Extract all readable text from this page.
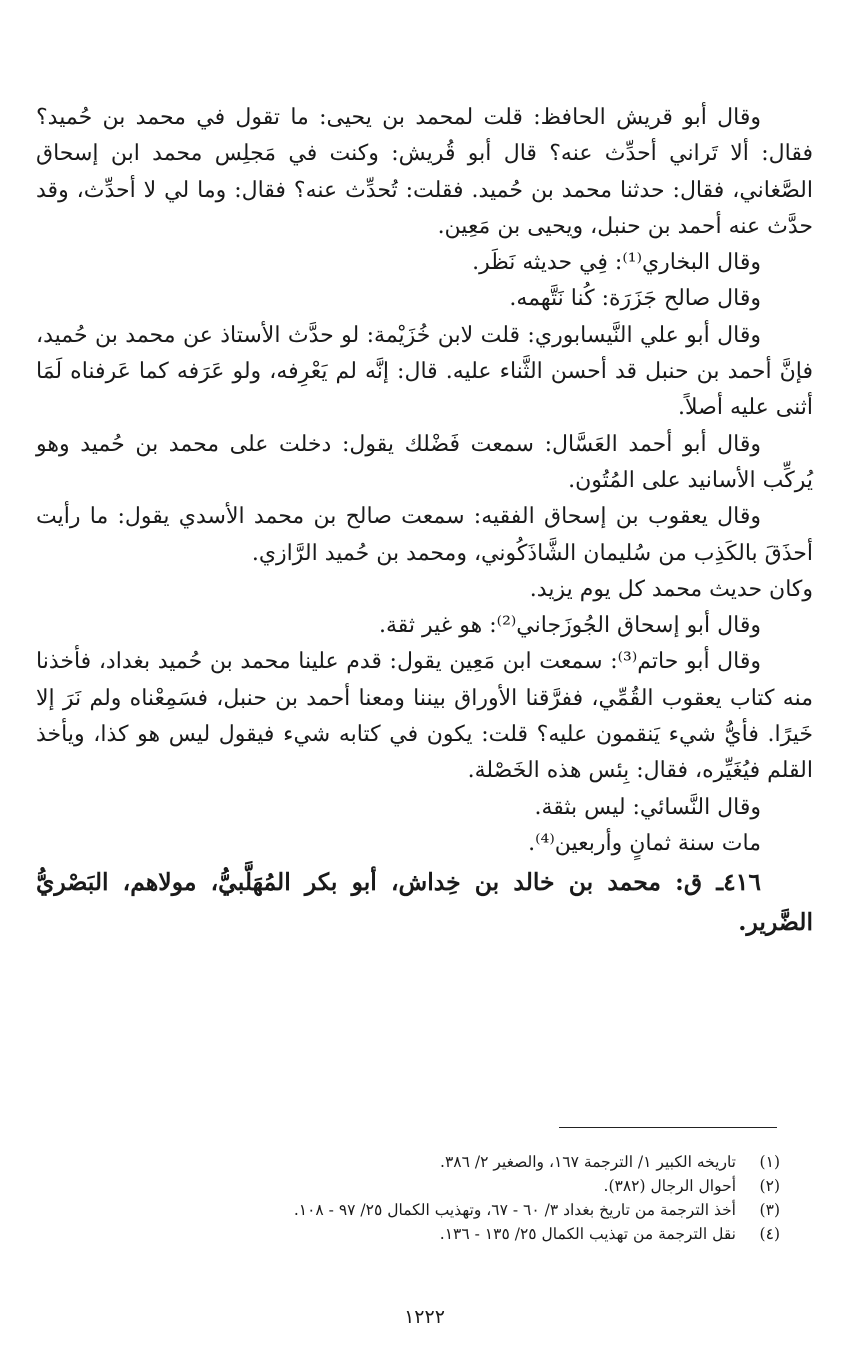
وقال أبو قريش الحافظ: قلت لمحمد بن يحيى: ما تقول في محمد بن حُميد؟ فقال: ألا تَراني أحدِّث عنه؟ قال أبو قُريش: وكنت في مَجلِس محمد ابن إسحاق الصَّغاني، فقال: حدثنا محمد بن حُميد. فقلت: تُحدِّث عنه؟ فقال: وما لي لا أحدِّث، وقد حدَّث عنه أحمد بن حنبل، ويحيى بن مَعِين.

وقال البخاري⁽¹⁾: فِي حديثه نَظَر.

وقال صالح جَزَرَة: كُنا نَتَّهمه.

وقال أبو علي النَّيسابوري: قلت لابن خُزَيْمة: لو حدَّث الأستاذ عن محمد بن حُميد، فإنَّ أحمد بن حنبل قد أحسن الثَّناء عليه. قال: إنَّه لم يَعْرِفه، ولو عَرَفه كما عَرفناه لَمَا أثنى عليه أصلاً.

وقال أبو أحمد العَسَّال: سمعت فَضْلك يقول: دخلت على محمد بن حُميد وهو يُركِّب الأسانيد على المُتُون.

وقال يعقوب بن إسحاق الفقيه: سمعت صالح بن محمد الأسدي يقول: ما رأيت أحذَقَ بالكَذِب من سُليمان الشَّاذَكُوني، ومحمد بن حُميد الرَّازي.

وكان حديث محمد كل يوم يزيد.

وقال أبو إسحاق الجُوزَجاني⁽²⁾: هو غير ثقة.

وقال أبو حاتم⁽³⁾: سمعت ابن مَعِين يقول: قدم علينا محمد بن حُميد بغداد، فأخذنا منه كتاب يعقوب القُمِّي، ففرَّقنا الأوراق بيننا ومعنا أحمد بن حنبل، فسَمِعْناه ولم نَرَ إلا خَيرًا. فأيُّ شيء يَنقمون عليه؟ قلت: يكون في كتابه شيء فيقول ليس هو كذا، ويأخذ القلم فيُغَيِّره، فقال: بِئس هذه الخَصْلة.

وقال النَّسائي: ليس بثقة.

مات سنة ثمانٍ وأربعين⁽⁴⁾.

٤١٦ـ ق: محمد بن خالد بن خِداش، أبو بكر المُهَلَّبيُّ، مولاهم، البَصْريُّ الضَّرير.

(١)
تاريخه الكبير ١/ الترجمة ١٦٧، والصغير ٢/ ٣٨٦.
(٢)
أحوال الرجال (٣٨٢).
(٣)
أخذ الترجمة من تاريخ بغداد ٣/ ٦٠ - ٦٧، وتهذيب الكمال ٢٥/ ٩٧ - ١٠٨.
(٤)
نقل الترجمة من تهذيب الكمال ٢٥/ ١٣٥ - ١٣٦.
١٢٢٢
